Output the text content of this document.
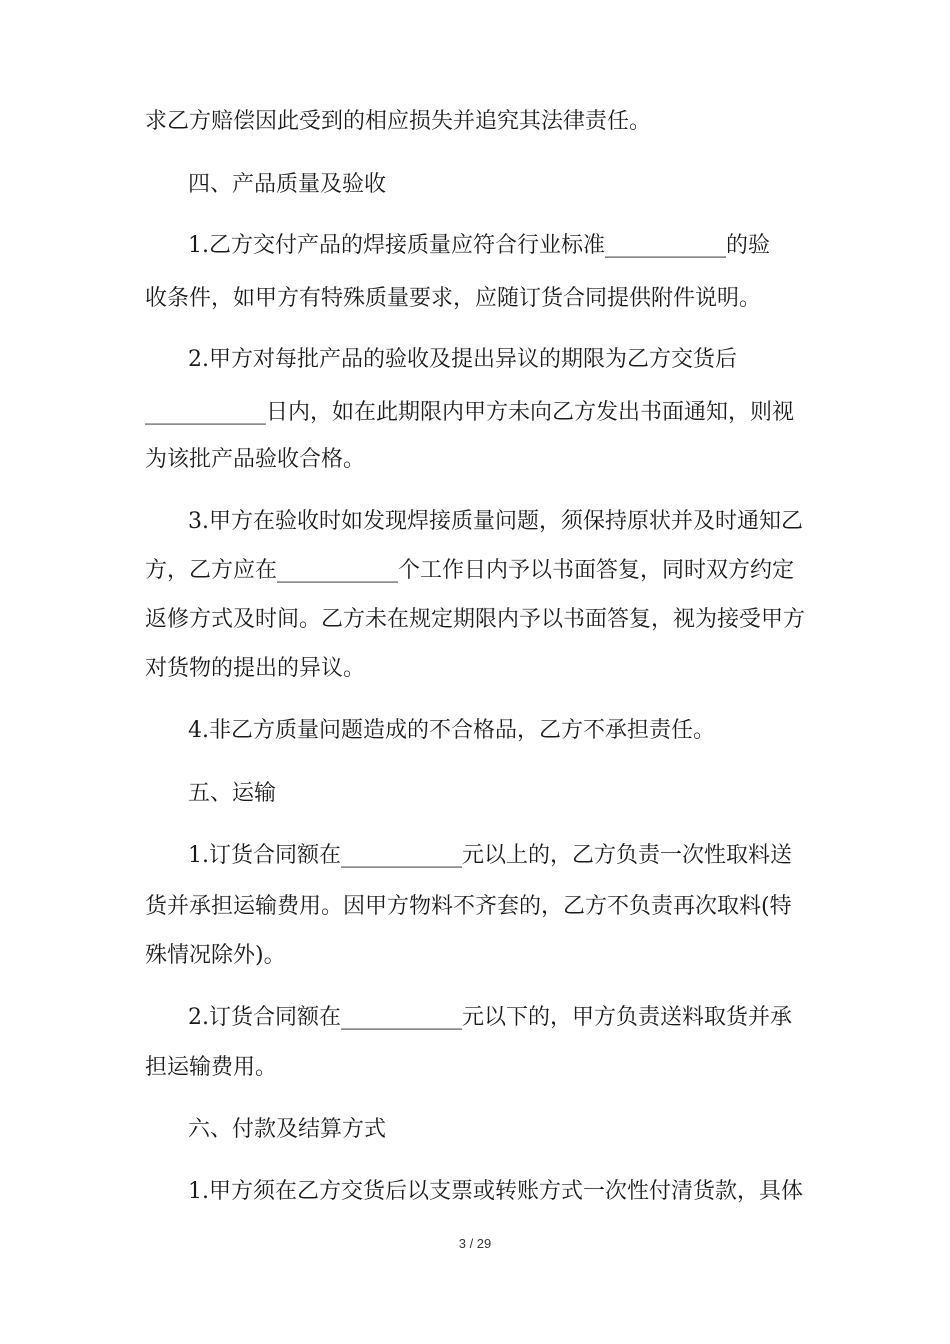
求乙方赔偿因此受到的相应损失并追究其法律责任。
四、产品质量及验收
1.乙方交付产品的焊接质量应符合行业标准___________的验
收条件，如甲方有特殊质量要求，应随订货合同提供附件说明。
2.甲方对每批产品的验收及提出异议的期限为乙方交货后
___________日内，如在此期限内甲方未向乙方发出书面通知，则视
为该批产品验收合格。
3.甲方在验收时如发现焊接质量问题，须保持原状并及时通知乙
方，乙方应在___________个工作日内予以书面答复，同时双方约定
返修方式及时间。乙方未在规定期限内予以书面答复，视为接受甲方
对货物的提出的异议。
4.非乙方质量问题造成的不合格品，乙方不承担责任。
五、运输
1.订货合同额在___________元以上的，乙方负责一次性取料送
货并承担运输费用。因甲方物料不齐套的，乙方不负责再次取料(特
殊情况除外)。
2.订货合同额在___________元以下的，甲方负责送料取货并承
担运输费用。
六、付款及结算方式
1.甲方须在乙方交货后以支票或转账方式一次性付清货款，具体
3 / 29
